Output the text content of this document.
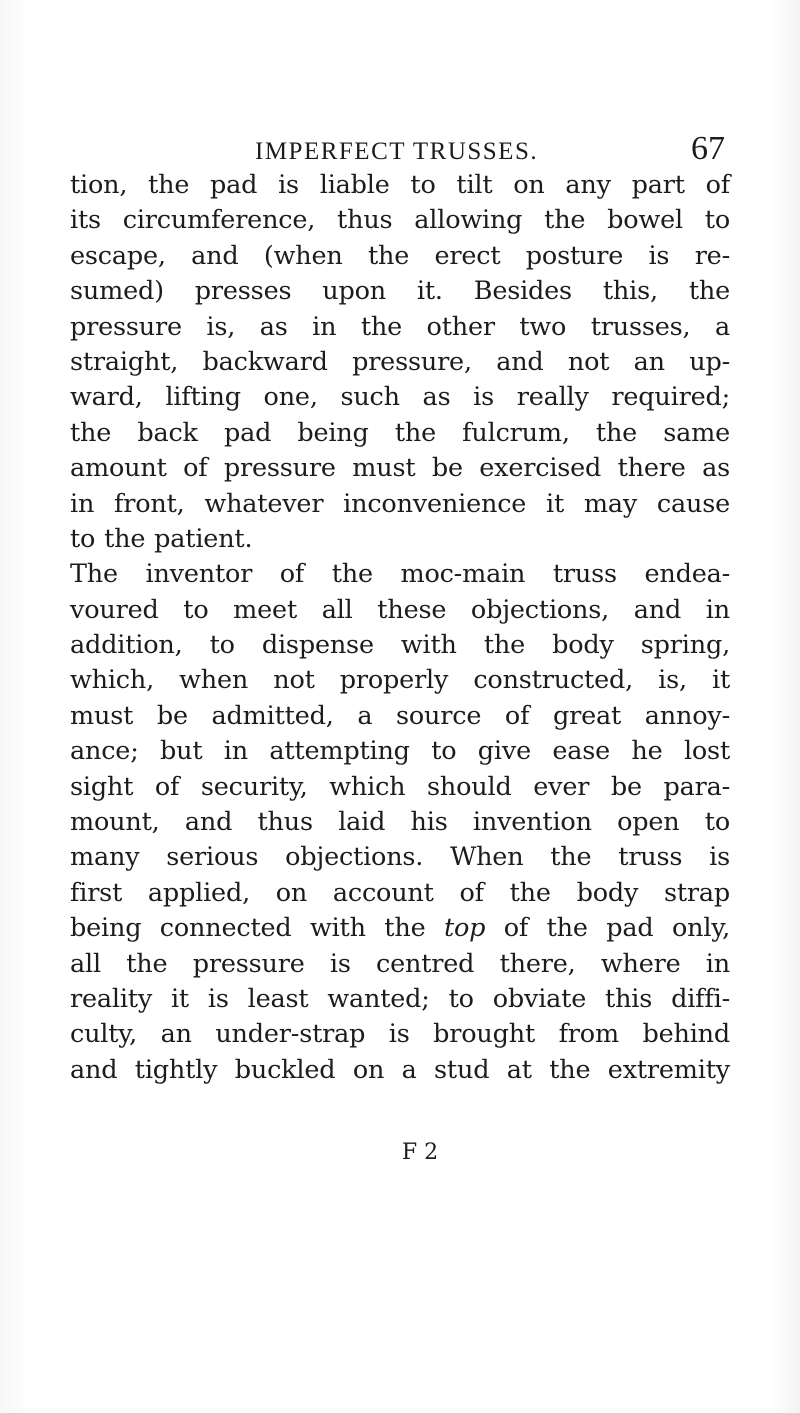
IMPERFECT TRUSSES.	67
tion, the pad is liable to tilt on any part of
its circumference, thus allowing the bowel to
escape, and (when the erect posture is re-
sumed) presses upon it. Besides this, the
pressure is, as in the other two trusses, a
straight, backward pressure, and not an up-
ward, lifting one, such as is really required;
the back pad being the fulcrum, the same
amount of pressure must be exercised there as
in front, whatever inconvenience it may cause
to the patient.
The inventor of the moc-main truss endea-
voured to meet all these objections, and in
addition, to dispense with the body spring,
which, when not properly constructed, is, it
must be admitted, a source of great annoy-
ance; but in attempting to give ease he lost
sight of security, which should ever be para-
mount, and thus laid his invention open to
many serious objections. When the truss is
first applied, on account of the body strap
being connected with the top of the pad only,
all the pressure is centred there, where in
reality it is least wanted; to obviate this diffi-
culty, an under-strap is brought from behind
and tightly buckled on a stud at the extremity
F 2
